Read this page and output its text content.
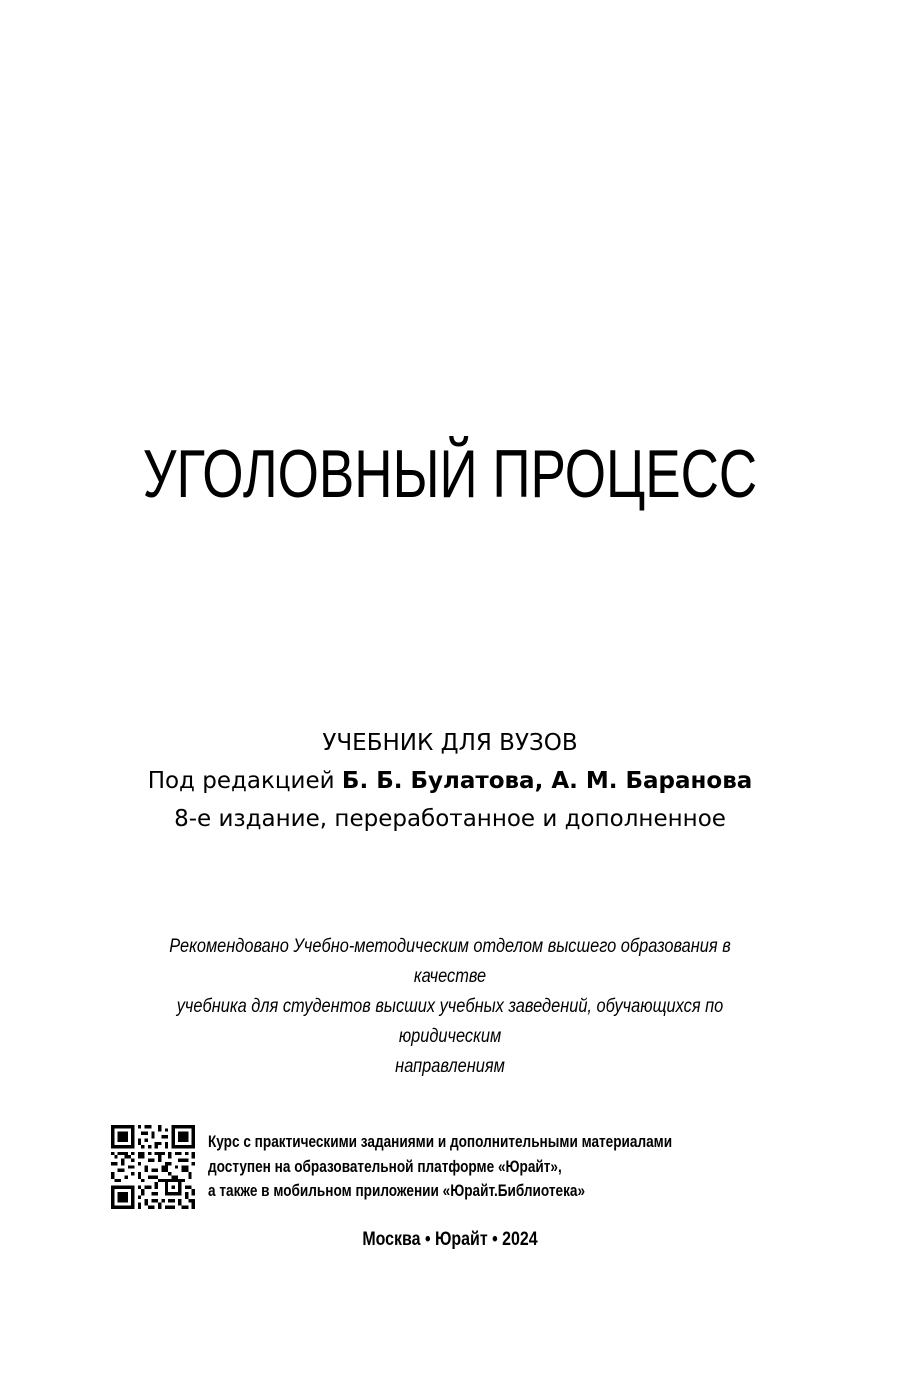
УГОЛОВНЫЙ ПРОЦЕСС
УЧЕБНИК ДЛЯ ВУЗОВ
Под редакцией Б. Б. Булатова, А. М. Баранова
8-е издание, переработанное и дополненное
Рекомендовано Учебно-методическим отделом высшего образования в качестве
учебника для студентов высших учебных заведений, обучающихся по юридическим
направлениям
Курс с практическими заданиями и дополнительными материалами
доступен на образовательной платформе «Юрайт»,
а также в мобильном приложении «Юрайт.Библиотека»
Москва • Юрайт • 2024
